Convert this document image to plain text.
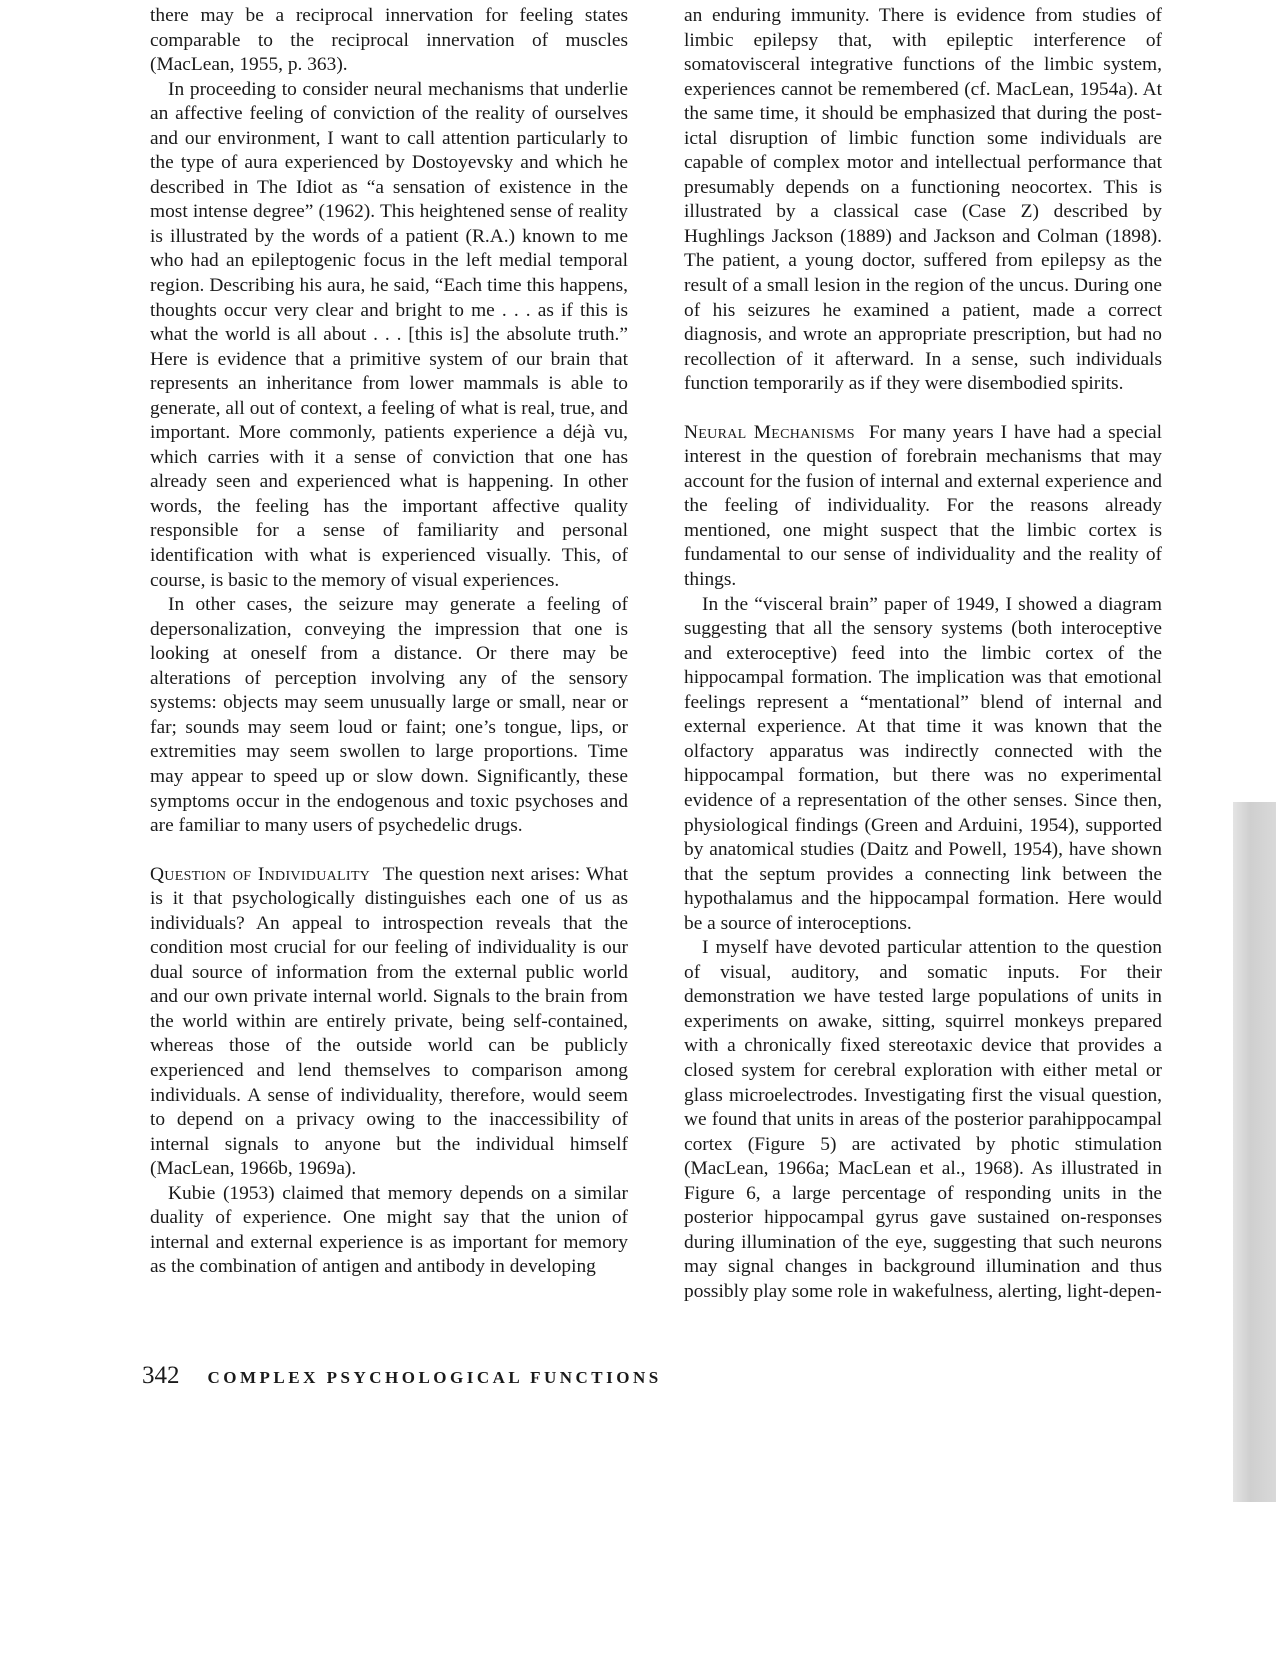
there may be a reciprocal innervation for feeling states comparable to the reciprocal innervation of muscles (MacLean, 1955, p. 363).

In proceeding to consider neural mechanisms that underlie an affective feeling of conviction of the reality of ourselves and our environment, I want to call attention particularly to the type of aura experienced by Dostoyevsky and which he described in The Idiot as “a sensation of existence in the most intense degree” (1962). This heightened sense of reality is illustrated by the words of a patient (R.A.) known to me who had an epileptogenic focus in the left medial temporal region. Describing his aura, he said, “Each time this happens, thoughts occur very clear and bright to me . . . as if this is what the world is all about . . . [this is] the absolute truth.” Here is evidence that a primitive system of our brain that represents an inheritance from lower mammals is able to generate, all out of context, a feeling of what is real, true, and important. More commonly, patients experience a déjà vu, which carries with it a sense of conviction that one has already seen and experienced what is happening. In other words, the feeling has the important affective quality responsible for a sense of familiarity and personal identification with what is experienced visually. This, of course, is basic to the memory of visual experiences.

In other cases, the seizure may generate a feeling of depersonalization, conveying the impression that one is looking at oneself from a distance. Or there may be alterations of perception involving any of the sensory systems: objects may seem unusually large or small, near or far; sounds may seem loud or faint; one’s tongue, lips, or extremities may seem swollen to large proportions. Time may appear to speed up or slow down. Significantly, these symptoms occur in the endogenous and toxic psychoses and are familiar to many users of psychedelic drugs.

Question of Individuality The question next arises: What is it that psychologically distinguishes each one of us as individuals? An appeal to introspection reveals that the condition most crucial for our feeling of individuality is our dual source of information from the external public world and our own private internal world. Signals to the brain from the world within are entirely private, being self-contained, whereas those of the outside world can be publicly experienced and lend themselves to comparison among individuals. A sense of individuality, therefore, would seem to depend on a privacy owing to the inaccessibility of internal signals to anyone but the individual himself (MacLean, 1966b, 1969a).

Kubie (1953) claimed that memory depends on a similar duality of experience. One might say that the union of internal and external experience is as important for memory as the combination of antigen and antibody in developing

an enduring immunity. There is evidence from studies of limbic epilepsy that, with epileptic interference of somatovisceral integrative functions of the limbic system, experiences cannot be remembered (cf. MacLean, 1954a). At the same time, it should be emphasized that during the post-ictal disruption of limbic function some individuals are capable of complex motor and intellectual performance that presumably depends on a functioning neocortex. This is illustrated by a classical case (Case Z) described by Hughlings Jackson (1889) and Jackson and Colman (1898). The patient, a young doctor, suffered from epilepsy as the result of a small lesion in the region of the uncus. During one of his seizures he examined a patient, made a correct diagnosis, and wrote an appropriate prescription, but had no recollection of it afterward. In a sense, such individuals function temporarily as if they were disembodied spirits.

Neural Mechanisms For many years I have had a special interest in the question of forebrain mechanisms that may account for the fusion of internal and external experience and the feeling of individuality. For the reasons already mentioned, one might suspect that the limbic cortex is fundamental to our sense of individuality and the reality of things.

In the “visceral brain” paper of 1949, I showed a diagram suggesting that all the sensory systems (both interoceptive and exteroceptive) feed into the limbic cortex of the hippocampal formation. The implication was that emotional feelings represent a “mentational” blend of internal and external experience. At that time it was known that the olfactory apparatus was indirectly connected with the hippocampal formation, but there was no experimental evidence of a representation of the other senses. Since then, physiological findings (Green and Arduini, 1954), supported by anatomical studies (Daitz and Powell, 1954), have shown that the septum provides a connecting link between the hypothalamus and the hippocampal formation. Here would be a source of interoceptions.

I myself have devoted particular attention to the question of visual, auditory, and somatic inputs. For their demonstration we have tested large populations of units in experiments on awake, sitting, squirrel monkeys prepared with a chronically fixed stereotaxic device that provides a closed system for cerebral exploration with either metal or glass microelectrodes. Investigating first the visual question, we found that units in areas of the posterior parahippocampal cortex (Figure 5) are activated by photic stimulation (MacLean, 1966a; MacLean et al., 1968). As illustrated in Figure 6, a large percentage of responding units in the posterior hippocampal gyrus gave sustained on-responses during illumination of the eye, suggesting that such neurons may signal changes in background illumination and thus possibly play some role in wakefulness, alerting, light-depen-

342 COMPLEX PSYCHOLOGICAL FUNCTIONS
